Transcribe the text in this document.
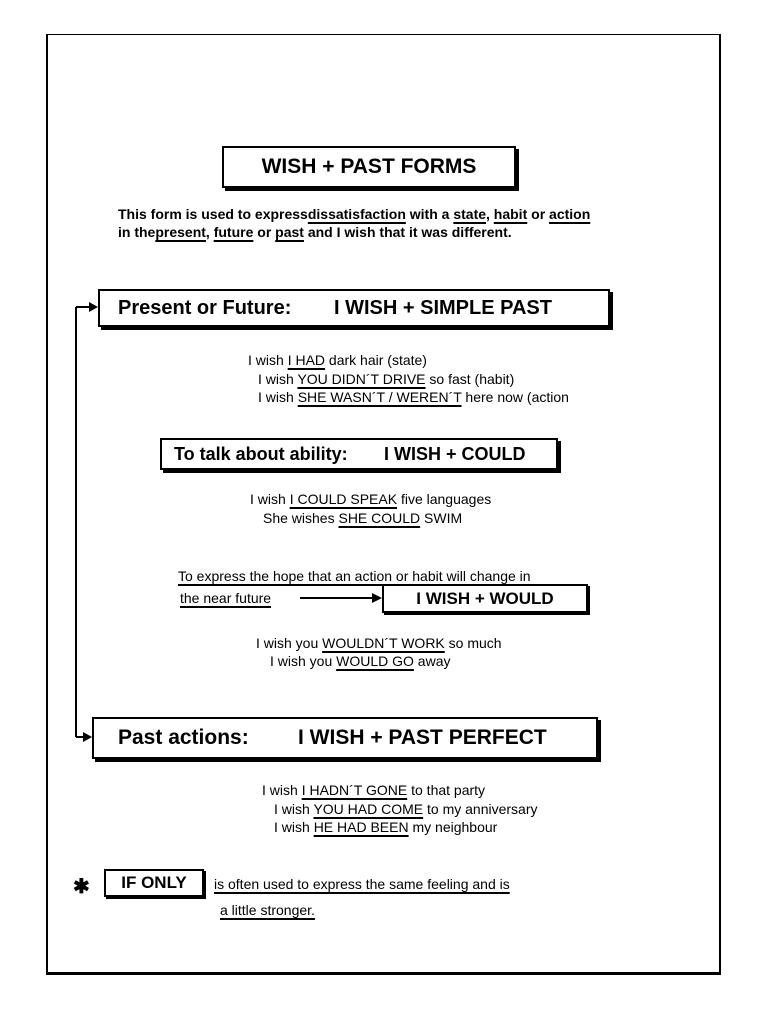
WISH + PAST FORMS
This form is used to expressdissatisfaction with a state, habit or action
in thepresent, future or past and I wish that it was different.
Present or Future: I WISH + SIMPLE PAST
I wish I HAD dark hair (state)
I wish YOU DIDN´T DRIVE so fast (habit)
I wish SHE WASN´T / WEREN´T here now (action
To talk about ability: I WISH + COULD
I wish I COULD SPEAK five languages
She wishes SHE COULD SWIM
To express the hope that an action or habit will change in
the near future	I WISH + WOULD
I wish you WOULDN´T WORK so much
I wish you WOULD GO away
Past actions: I WISH + PAST PERFECT
I wish I HADN´T GONE to that party
I wish YOU HAD COME to my anniversary
I wish HE HAD BEEN my neighbour
✱	IF ONLY	is often used to express the same feeling and is
a little stronger.
